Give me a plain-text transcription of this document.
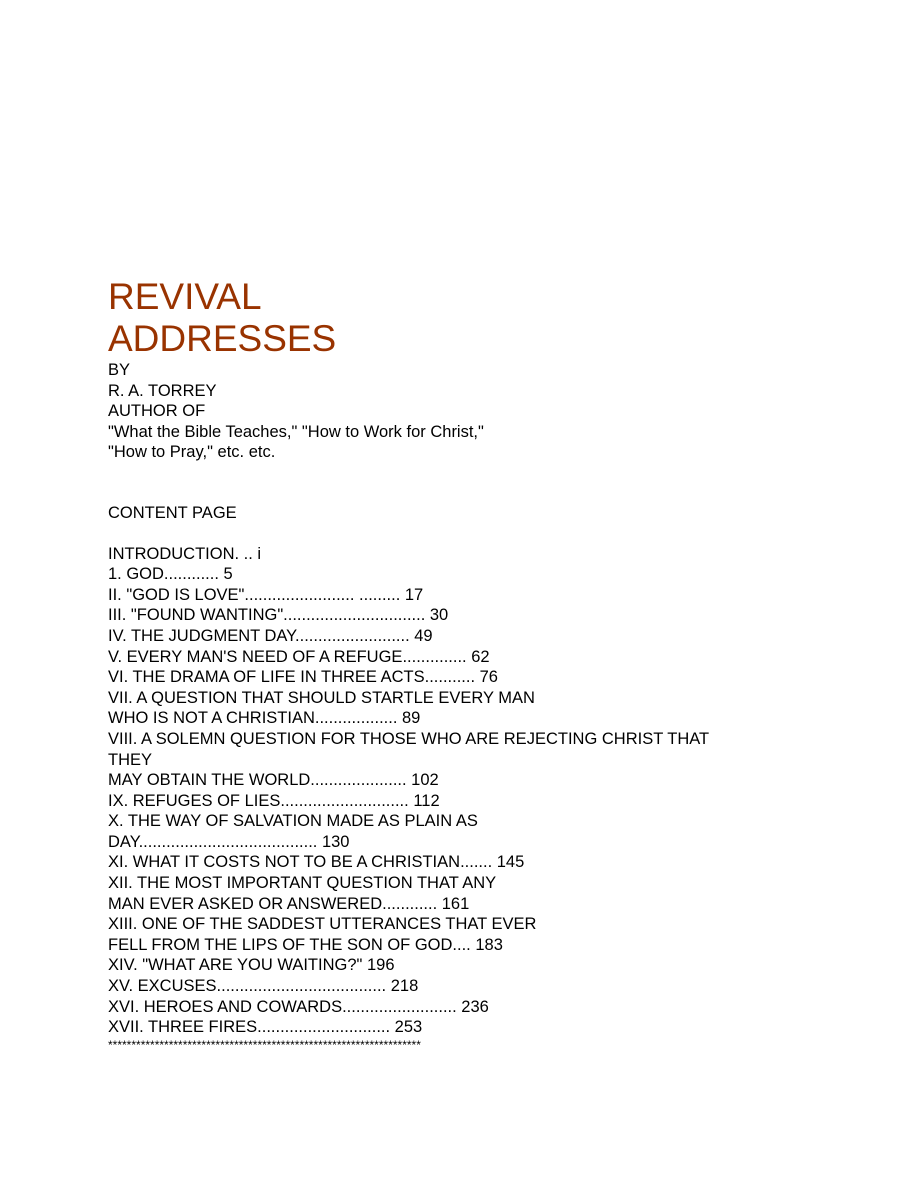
REVIVAL
ADDRESSES
BY
R. A. TORREY
AUTHOR OF
"What the Bible Teaches," "How to Work for Christ,"
"How to Pray," etc. etc.
CONTENT PAGE
INTRODUCTION. .. i
1. GOD............ 5
II. "GOD IS LOVE"........................ ......... 17
III. "FOUND WANTING"............................... 30
IV. THE JUDGMENT DAY......................... 49
V. EVERY MAN'S NEED OF A REFUGE.............. 62
VI. THE DRAMA OF LIFE IN THREE ACTS........... 76
VII. A QUESTION THAT SHOULD STARTLE EVERY MAN
WHO IS NOT A CHRISTIAN.................. 89
VIII. A SOLEMN QUESTION FOR THOSE WHO ARE REJECTING CHRIST THAT
THEY
MAY OBTAIN THE WORLD..................... 102
IX. REFUGES OF LIES............................ 112
X. THE WAY OF SALVATION MADE AS PLAIN AS
DAY....................................... 130
XI. WHAT IT COSTS NOT TO BE A CHRISTIAN....... 145
XII. THE MOST IMPORTANT QUESTION THAT ANY
MAN EVER ASKED OR ANSWERED............ 161
XIII. ONE OF THE SADDEST UTTERANCES THAT EVER
FELL FROM THE LIPS OF THE SON OF GOD.... 183
XIV. "WHAT ARE YOU WAITING?" 196
XV. EXCUSES..................................... 218
XVI. HEROES AND COWARDS......................... 236
XVII. THREE FIRES............................. 253
*******************************************************************
